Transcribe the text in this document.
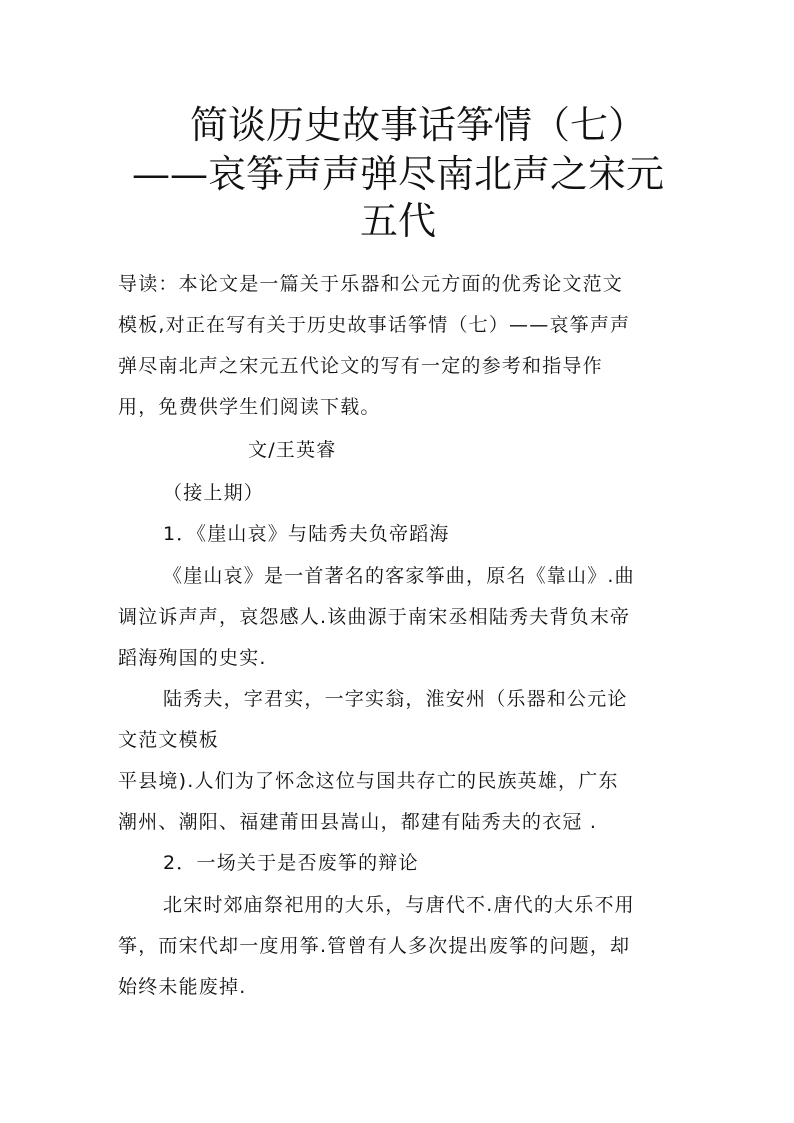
简谈历史故事话筝情（七）
——哀筝声声弹尽南北声之宋元
五代
导读：本论文是一篇关于乐器和公元方面的优秀论文范文
模板,对正在写有关于历史故事话筝情（七）——哀筝声声
弹尽南北声之宋元五代论文的写有一定的参考和指导作
用，免费供学生们阅读下载。
文/王英睿
（接上期）
1．《崖山哀》与陆秀夫负帝蹈海
《崖山哀》是一首著名的客家筝曲，原名《靠山》.曲
调泣诉声声，哀怨感人.该曲源于南宋丞相陆秀夫背负末帝
蹈海殉国的史实.
陆秀夫，字君实，一字实翁，淮安州（乐器和公元论
文范文模板
平县境).人们为了怀念这位与国共存亡的民族英雄，广东
潮州、潮阳、福建莆田县嵩山，都建有陆秀夫的衣冠 .
2．一场关于是否废筝的辩论
北宋时郊庙祭祀用的大乐，与唐代不.唐代的大乐不用
筝，而宋代却一度用筝.管曾有人多次提出废筝的问题，却
始终未能废掉.
